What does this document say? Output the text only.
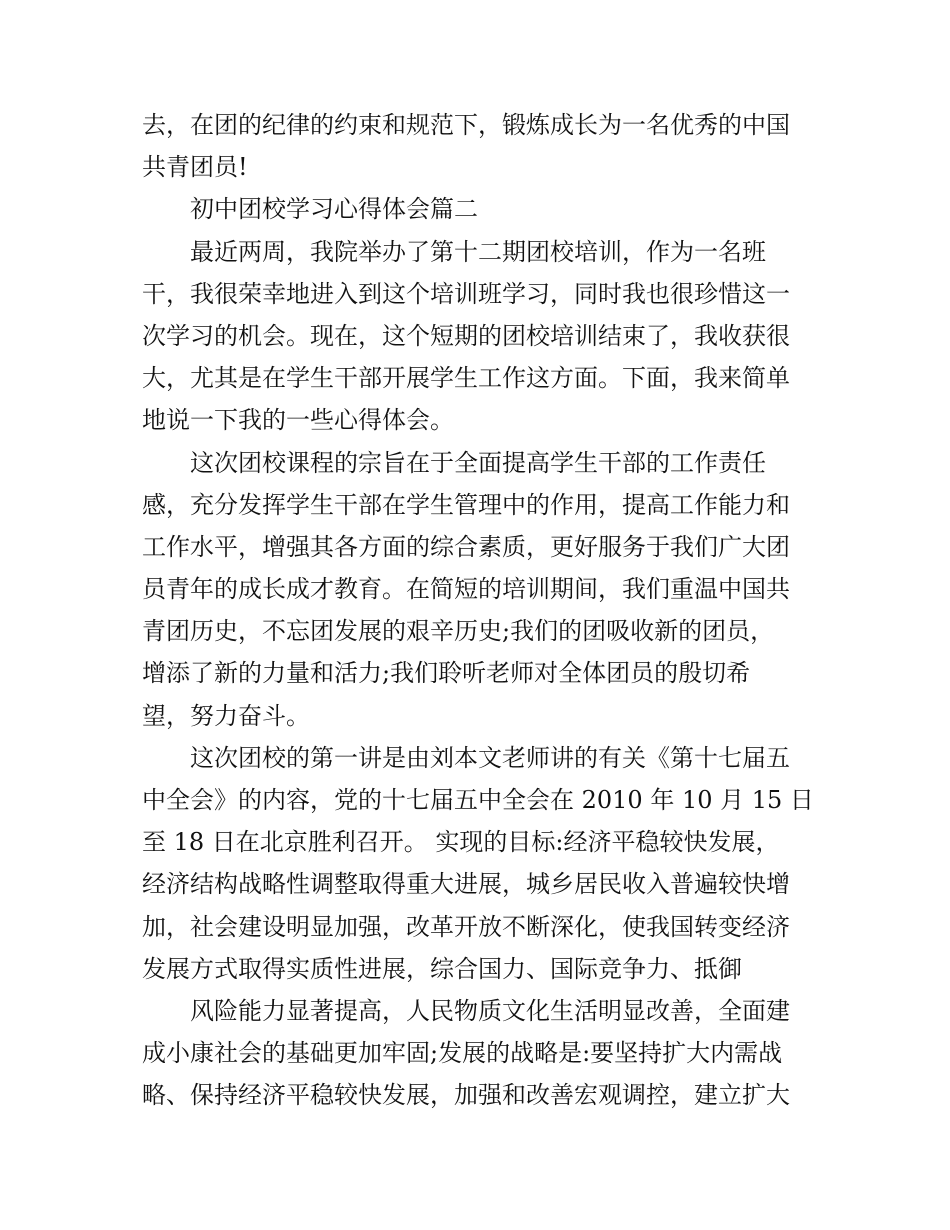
去，在团的纪律的约束和规范下，锻炼成长为一名优秀的中国
共青团员!
初中团校学习心得体会篇二
最近两周，我院举办了第十二期团校培训，作为一名班
干，我很荣幸地进入到这个培训班学习，同时我也很珍惜这一
次学习的机会。现在，这个短期的团校培训结束了，我收获很
大，尤其是在学生干部开展学生工作这方面。下面，我来简单
地说一下我的一些心得体会。
这次团校课程的宗旨在于全面提高学生干部的工作责任
感，充分发挥学生干部在学生管理中的作用，提高工作能力和
工作水平，增强其各方面的综合素质，更好服务于我们广大团
员青年的成长成才教育。在简短的培训期间，我们重温中国共
青团历史，不忘团发展的艰辛历史;我们的团吸收新的团员，
增添了新的力量和活力;我们聆听老师对全体团员的殷切希
望，努力奋斗。
这次团校的第一讲是由刘本文老师讲的有关《第十七届五
中全会》的内容，党的十七届五中全会在 2010 年 10 月 15 日
至 18 日在北京胜利召开。 实现的目标:经济平稳较快发展，
经济结构战略性调整取得重大进展，城乡居民收入普遍较快增
加，社会建设明显加强，改革开放不断深化，使我国转变经济
发展方式取得实质性进展，综合国力、国际竞争力、抵御
风险能力显著提高，人民物质文化生活明显改善，全面建
成小康社会的基础更加牢固;发展的战略是:要坚持扩大内需战
略、保持经济平稳较快发展，加强和改善宏观调控，建立扩大
